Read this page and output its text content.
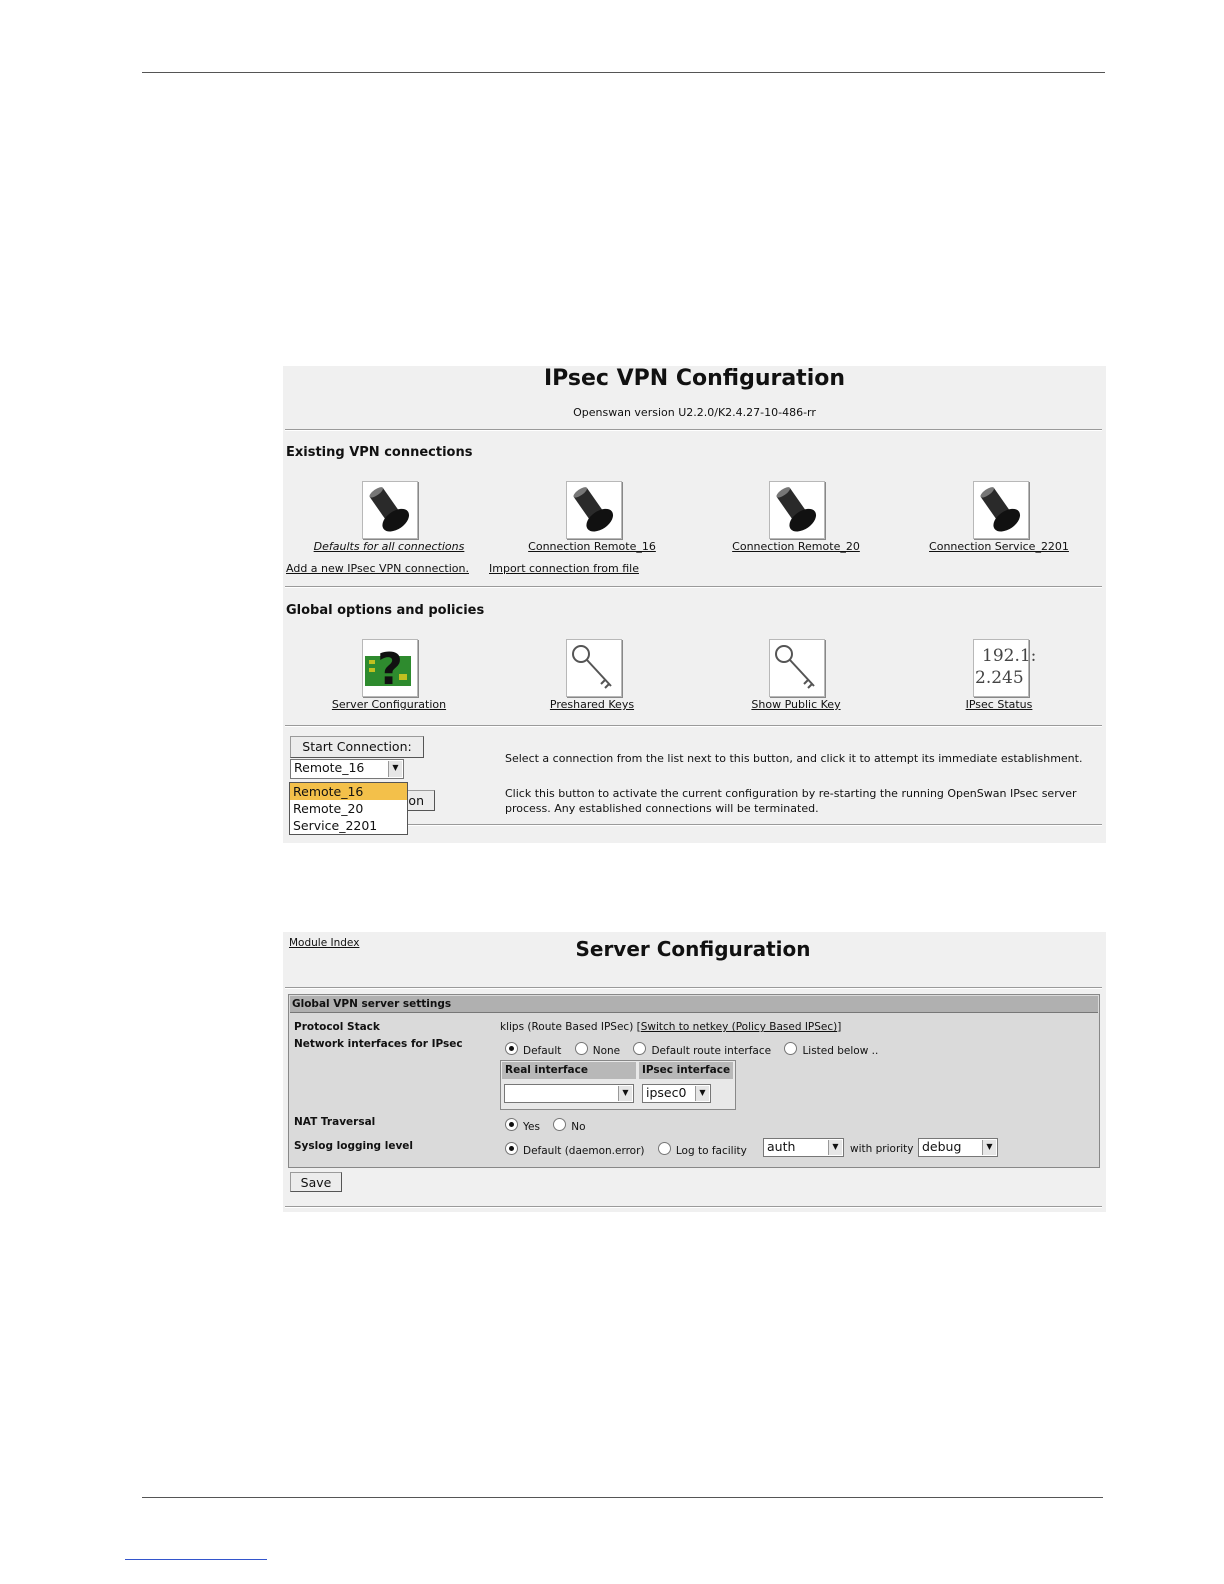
IPsec VPN Configuration
Openswan version U2.2.0/K2.4.27-10-486-rr
Existing VPN connections
Defaults for all connections	Connection Remote_16	Connection Remote_20	Connection Service_2201
Add a new IPsec VPN connection. Import connection from file
Global options and policies
?	192.1:
2.245
Server Configuration	Preshared Keys	Show Public Key	IPsec Status
Start Connection:
Select a connection from the list next to this button, and click it to attempt its immediate establishment.
Remote_16	▼
on	Click this button to activate the current configuration by re-starting the running OpenSwan IPsec server
process. Any established connections will be terminated.
Remote_16
Remote_20
Service_2201
Module Index	Server Configuration
Global VPN server settings
Protocol Stack	klips (Route Based IPSec) [Switch to netkey (Policy Based IPSec)]
Network interfaces for IPsec
Default	None	Default route interface	Listed below ..
Real interface	IPsec interface
▼	ipsec0	▼
NAT Traversal	Yes	No
Syslog logging level	Default (daemon.error)	Log to facility	auth	▼	with priority debug	▼
Save
